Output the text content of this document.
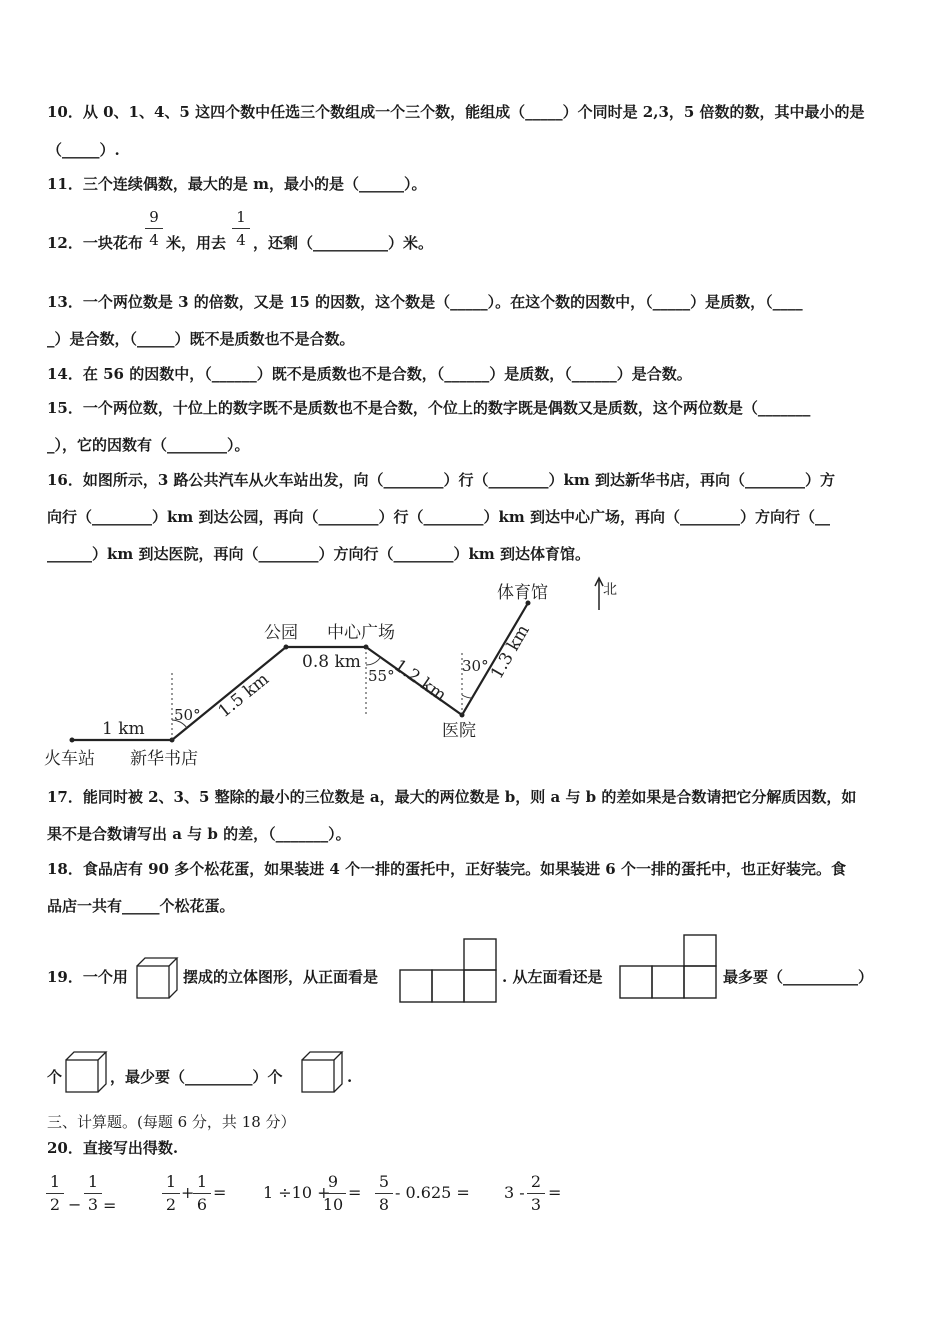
10．从 0、1、4、5 这四个数中任选三个数组成一个三个数，能组成（_____）个同时是 2,3，5 倍数的数，其中最小的是
（_____）.
11．三个连续偶数，最大的是 m，最小的是（______）。
12．一块花布
9
4 米，用去
1
4 ，还剩（__________）米。
13．一个两位数是 3 的倍数，又是 15 的因数，这个数是（_____）。在这个数的因数中，（_____）是质数，（____
_）是合数，（_____）既不是质数也不是合数。
14．在 56 的因数中，（______）既不是质数也不是合数，（______）是质数，（______）是合数。
15．一个两位数，十位上的数字既不是质数也不是合数，个位上的数字既是偶数又是质数，这个两位数是（_______
_），它的因数有（________）。
16．如图所示，3 路公共汽车从火车站出发，向（________）行（________）km 到达新华书店，再向（________）方
向行（________）km 到达公园，再向（________）行（________）km 到达中心广场，再向（________）方向行（__
______）km 到达医院，再向（________）方向行（________）km 到达体育馆。
火车站 新华书店
公园 中心广场
医院
体育馆	北
1 km
0.8 km
50°
55°
30°
1.5 km	1.2 km 1.3 km
17．能同时被 2、3、5 整除的最小的三位数是 a，最大的两位数是 b，则 a 与 b 的差如果是合数请把它分解质因数，如
果不是合数请写出 a 与 b 的差，（_______）。
18．食品店有 90 多个松花蛋，如果装进 4 个一排的蛋托中，正好装完。如果装进 6 个一排的蛋托中，也正好装完。食
品店一共有_____个松花蛋。
19．一个用	摆成的立体图形，从正面看是	. 从左面看还是	最多要（__________）
个	，最少要（_________）个	.
三、计算题。(每题 6 分，共 18 分）
20．直接写出得数.
1
2 −
1
3 =
1
2
+
1
6
= 1 ÷10 +
9
10
=
5
8
- 0.625 = 3 -
2
3
=
